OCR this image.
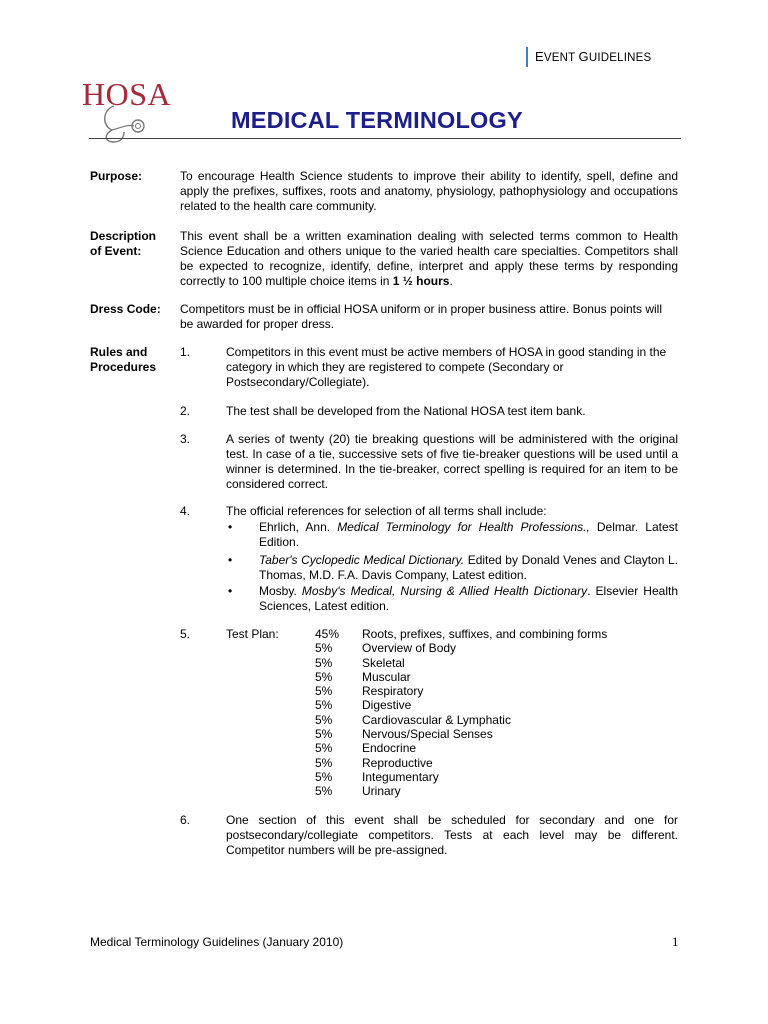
EVENT GUIDELINES
HOSA
MEDICAL TERMINOLOGY
Purpose:	To encourage Health Science students to improve their ability to identify, spell, define and apply the prefixes, suffixes, roots and anatomy, physiology, pathophysiology and occupations related to the health care community.
Description
of Event:
This event shall be a written examination dealing with selected terms common to Health Science Education and others unique to the varied health care specialties. Competitors shall be expected to recognize, identify, define, interpret and apply these terms by responding correctly to 100 multiple choice items in 1 ½ hours.
Dress Code: Competitors must be in official HOSA uniform or in proper business attire. Bonus points will be awarded for proper dress.
Rules and
Procedures
1.	Competitors in this event must be active members of HOSA in good standing in the category in which they are registered to compete (Secondary or Postsecondary/Collegiate).
2.	The test shall be developed from the National HOSA test item bank.
3.	A series of twenty (20) tie breaking questions will be administered with the original test. In case of a tie, successive sets of five tie-breaker questions will be used until a winner is determined. In the tie-breaker, correct spelling is required for an item to be considered correct.
4.	The official references for selection of all terms shall include:
• Ehrlich, Ann. Medical Terminology for Health Professions., Delmar. Latest Edition.
• Taber's Cyclopedic Medical Dictionary. Edited by Donald Venes and Clayton L. Thomas, M.D. F.A. Davis Company, Latest edition.
• Mosby. Mosby's Medical, Nursing & Allied Health Dictionary. Elsevier Health Sciences, Latest edition.
5.	Test Plan:	45%	Roots, prefixes, suffixes, and combining forms
5%	Overview of Body
5%	Skeletal
5%	Muscular
5%	Respiratory
5%	Digestive
5%	Cardiovascular & Lymphatic
5%	Nervous/Special Senses
5%	Endocrine
5%	Reproductive
5%	Integumentary
5%	Urinary
6.	One section of this event shall be scheduled for secondary and one for postsecondary/collegiate competitors. Tests at each level may be different. Competitor numbers will be pre-assigned.
Medical Terminology Guidelines (January 2010)	1
